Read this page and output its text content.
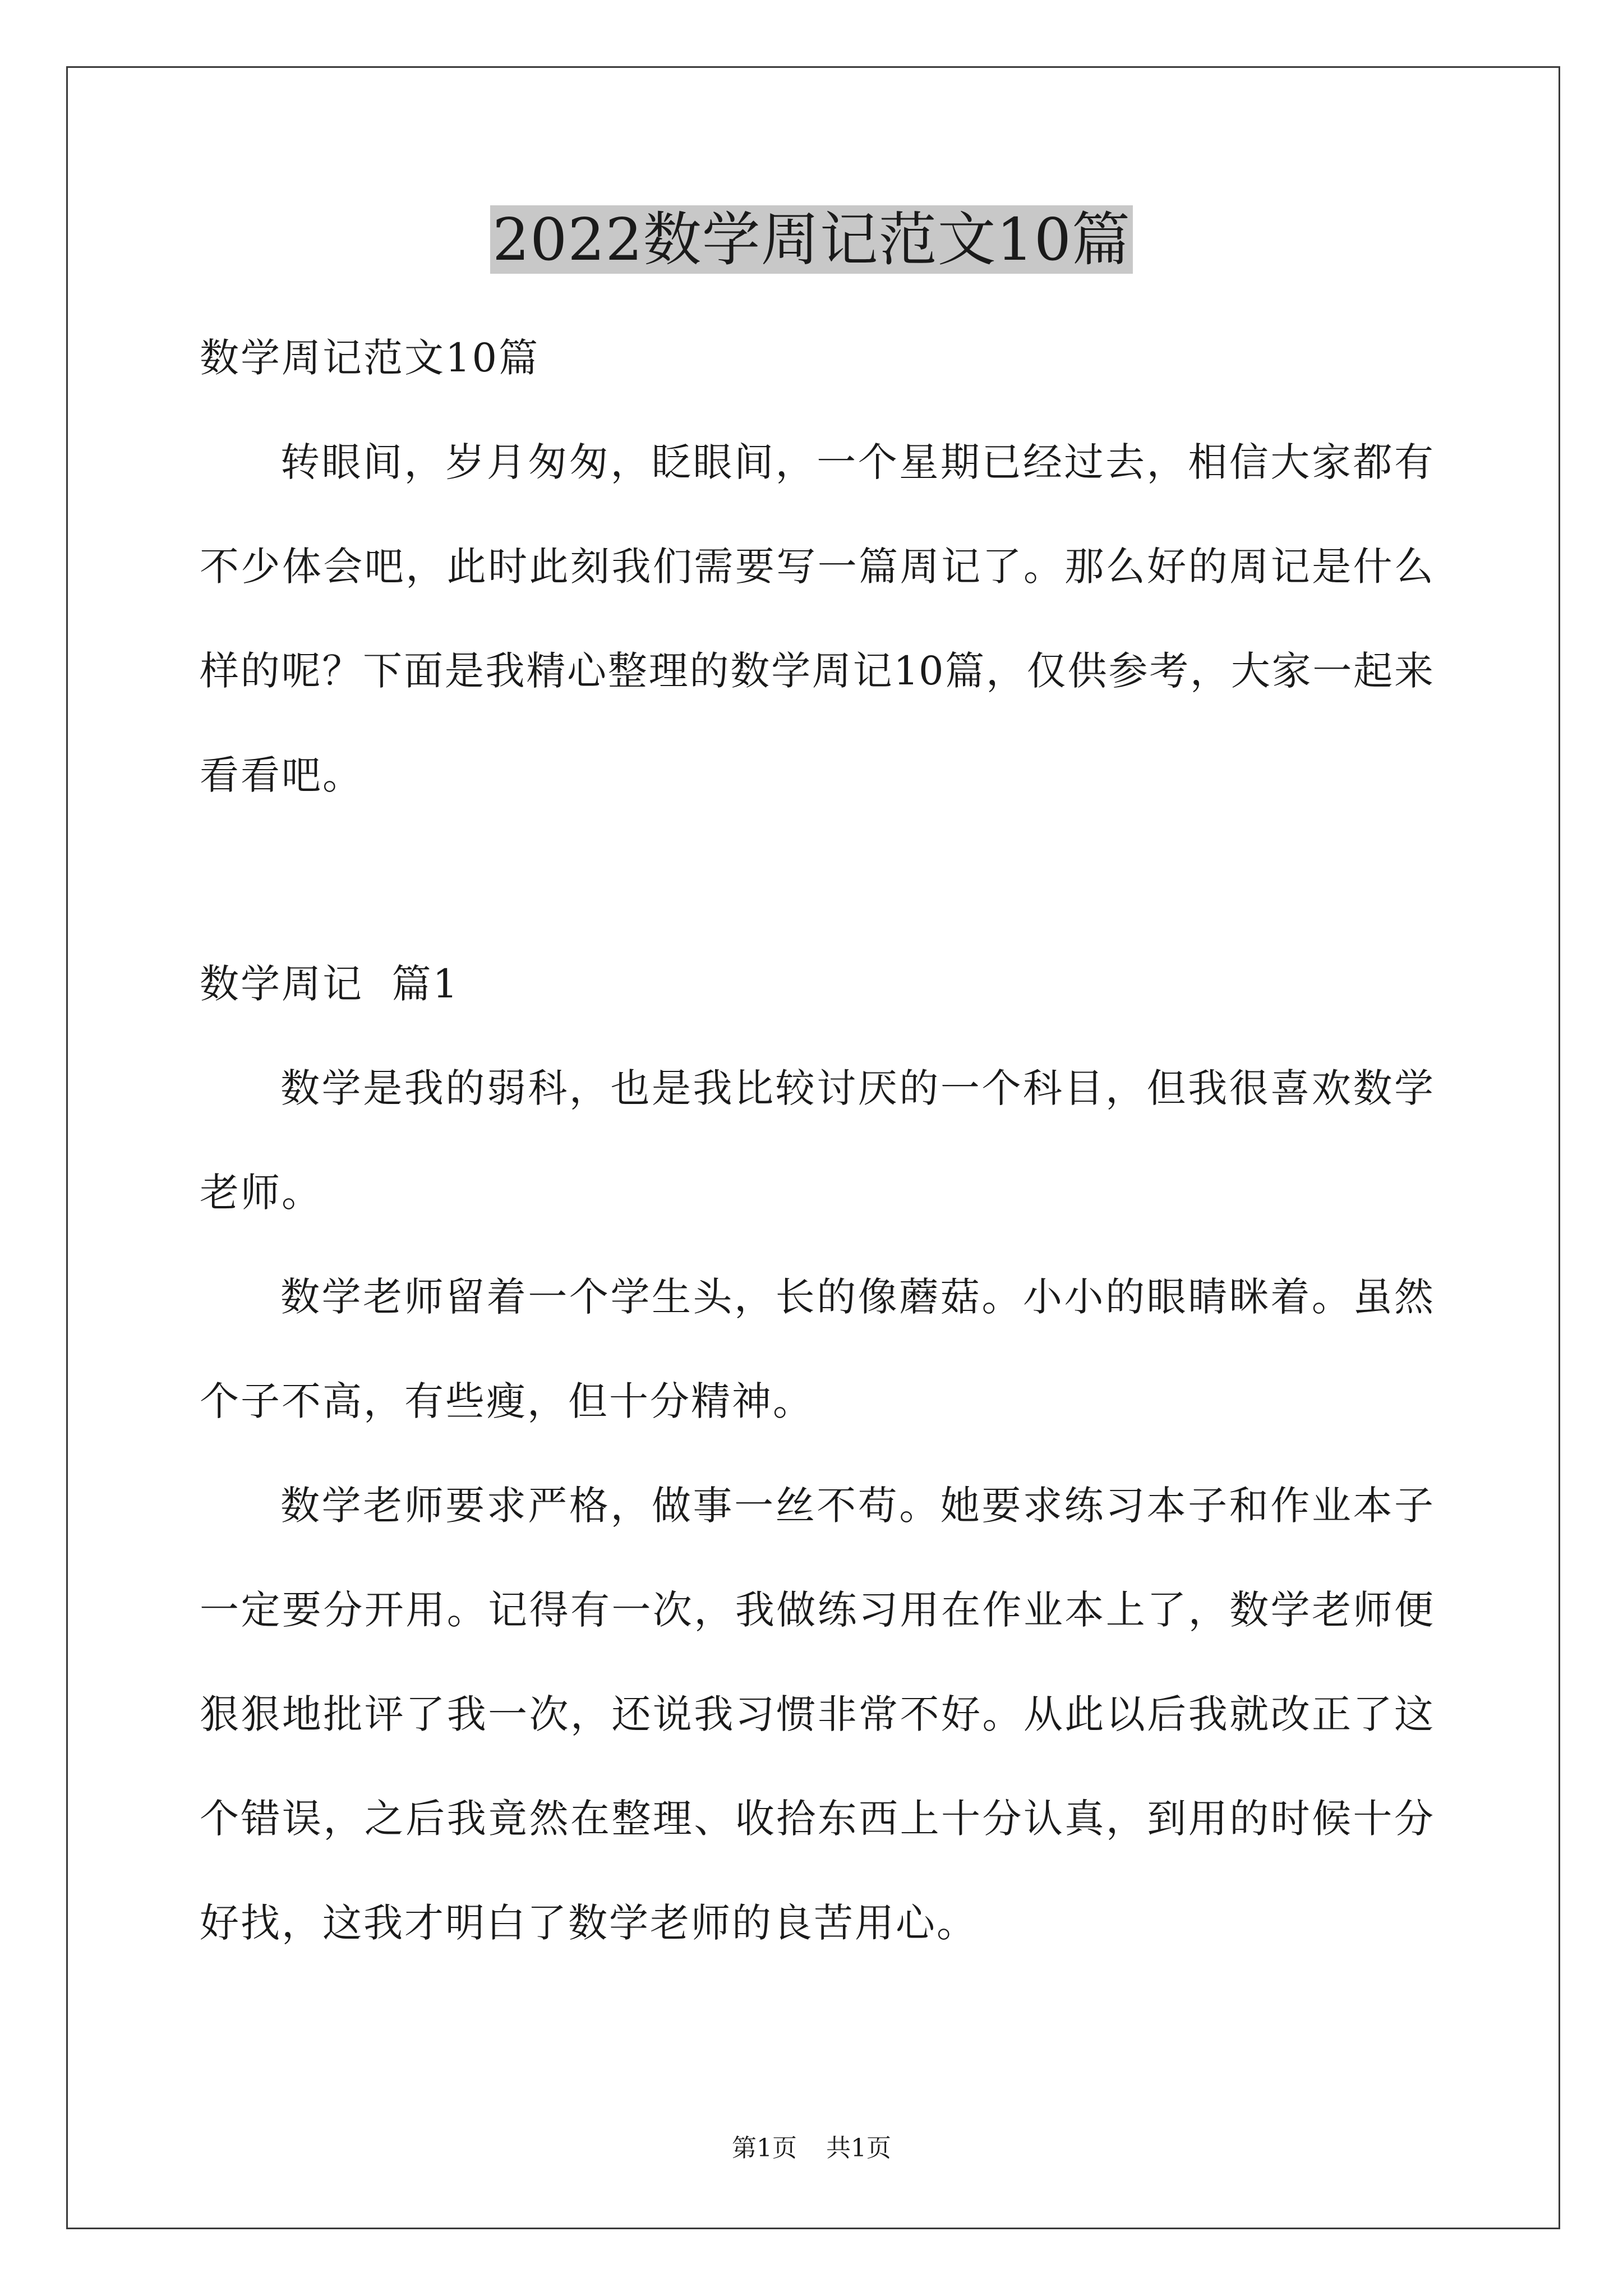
2022数学周记范文10篇
数学周记范文10篇
转眼间，岁月匆匆，眨眼间，一个星期已经过去，相信大家都有
不少体会吧，此时此刻我们需要写一篇周记了。那么好的周记是什么
样的呢？下面是我精心整理的数学周记10篇，仅供参考，大家一起来
看看吧。
数学周记  篇1
数学是我的弱科，也是我比较讨厌的一个科目，但我很喜欢数学
老师。
数学老师留着一个学生头，长的像蘑菇。小小的眼睛眯着。虽然
个子不高，有些瘦，但十分精神。
数学老师要求严格，做事一丝不苟。她要求练习本子和作业本子
一定要分开用。记得有一次，我做练习用在作业本上了，数学老师便
狠狠地批评了我一次，还说我习惯非常不好。从此以后我就改正了这
个错误，之后我竟然在整理、收拾东西上十分认真，到用的时候十分
好找，这我才明白了数学老师的良苦用心。
第1页 共1页
